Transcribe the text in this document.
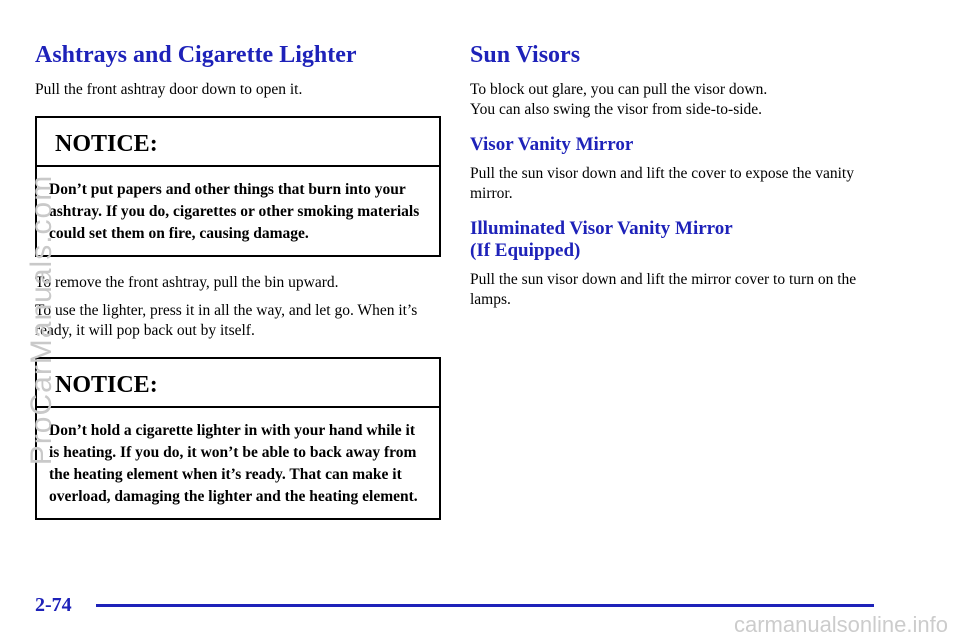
Ashtrays and Cigarette Lighter

Pull the front ashtray door down to open it.

NOTICE:
Don’t put papers and other things that burn into your ashtray. If you do, cigarettes or other smoking materials could set them on fire, causing damage.

To remove the front ashtray, pull the bin upward.

To use the lighter, press it in all the way, and let go. When it’s ready, it will pop back out by itself.

NOTICE:
Don’t hold a cigarette lighter in with your hand while it is heating. If you do, it won’t be able to back away from the heating element when it’s ready. That can make it overload, damaging the lighter and the heating element.
Sun Visors

To block out glare, you can pull the visor down.
You can also swing the visor from side-to-side.

Visor Vanity Mirror

Pull the sun visor down and lift the cover to expose the vanity mirror.

Illuminated Visor Vanity Mirror
(If Equipped)

Pull the sun visor down and lift the mirror cover to turn on the lamps.

2-74
ProCarManuals.com
carmanualsonline.info
